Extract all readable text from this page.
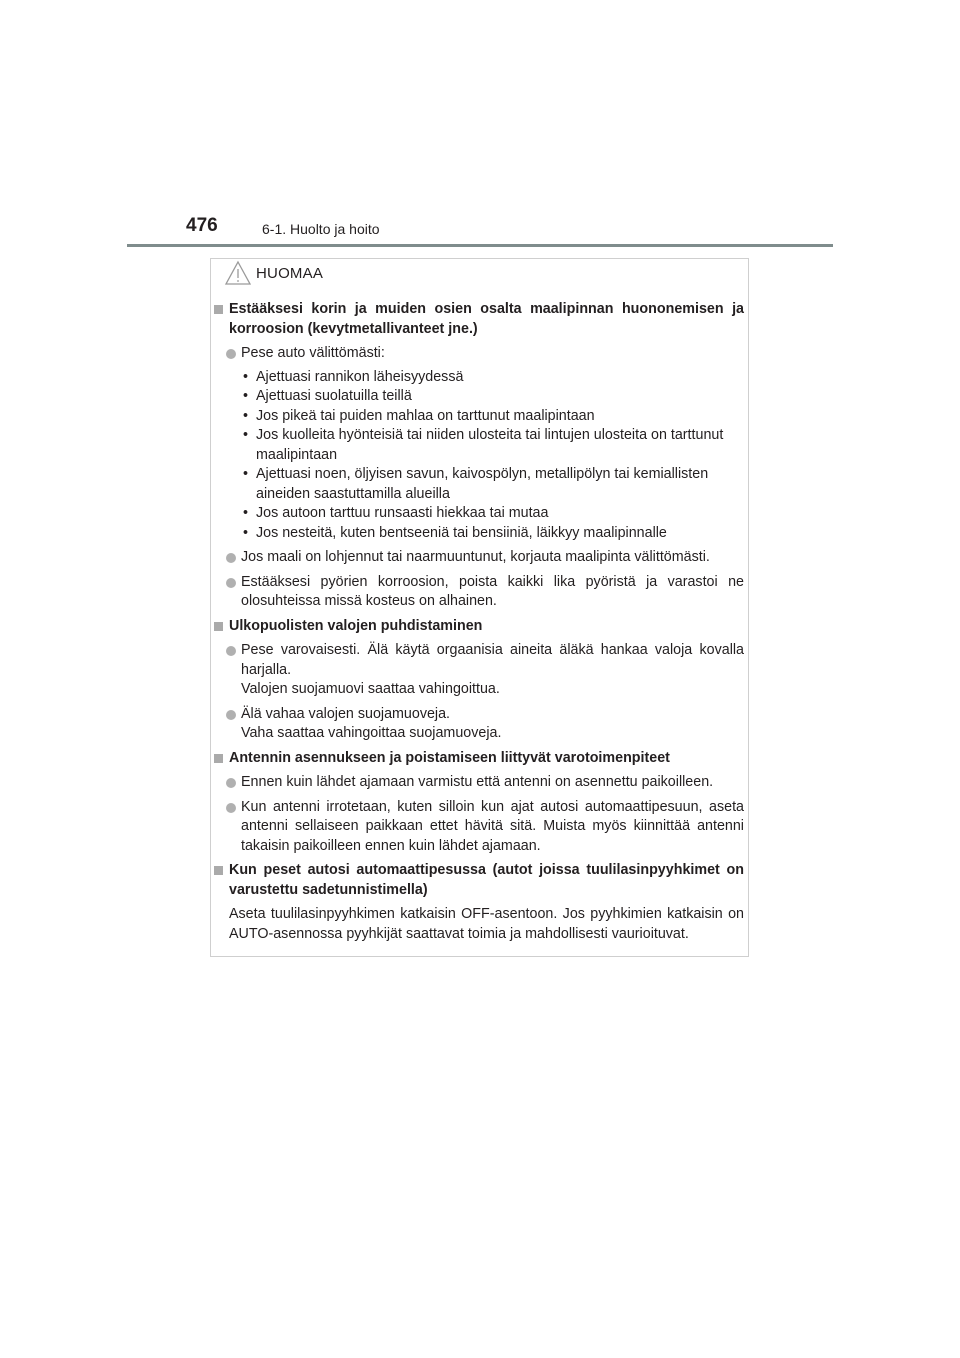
476	6-1. Huolto ja hoito
HUOMAA
Estääksesi korin ja muiden osien osalta maalipinnan huononemisen ja korroosion (kevytmetallivanteet jne.)
Pese auto välittömästi:
• Ajettuasi rannikon läheisyydessä
• Ajettuasi suolatuilla teillä
• Jos pikeä tai puiden mahlaa on tarttunut maalipintaan
• Jos kuolleita hyönteisiä tai niiden ulosteita tai lintujen ulosteita on tarttunut maalipintaan
• Ajettuasi noen, öljyisen savun, kaivospölyn, metallipölyn tai kemiallisten aineiden saastuttamilla alueilla
• Jos autoon tarttuu runsaasti hiekkaa tai mutaa
• Jos nesteitä, kuten bentseeniä tai bensiiniä, läikkyy maalipinnalle
Jos maali on lohjennut tai naarmuuntunut, korjauta maalipinta välittömästi.
Estääksesi pyörien korroosion, poista kaikki lika pyöristä ja varastoi ne olosuhteissa missä kosteus on alhainen.
Ulkopuolisten valojen puhdistaminen
Pese varovaisesti. Älä käytä orgaanisia aineita äläkä hankaa valoja kovalla harjalla.
Valojen suojamuovi saattaa vahingoittua.
Älä vahaa valojen suojamuoveja.
Vaha saattaa vahingoittaa suojamuoveja.
Antennin asennukseen ja poistamiseen liittyvät varotoimenpiteet
Ennen kuin lähdet ajamaan varmistu että antenni on asennettu paikoilleen.
Kun antenni irrotetaan, kuten silloin kun ajat autosi automaattipesuun, aseta antenni sellaiseen paikkaan ettet hävitä sitä. Muista myös kiinnittää antenni takaisin paikoilleen ennen kuin lähdet ajamaan.
Kun peset autosi automaattipesussa (autot joissa tuulilasinpyyhkimet on varustettu sadetunnistimella)
Aseta tuulilasinpyyhkimen katkaisin OFF-asentoon. Jos pyyhkimien katkaisin on AUTO-asennossa pyyhkijät saattavat toimia ja mahdollisesti vaurioituvat.
